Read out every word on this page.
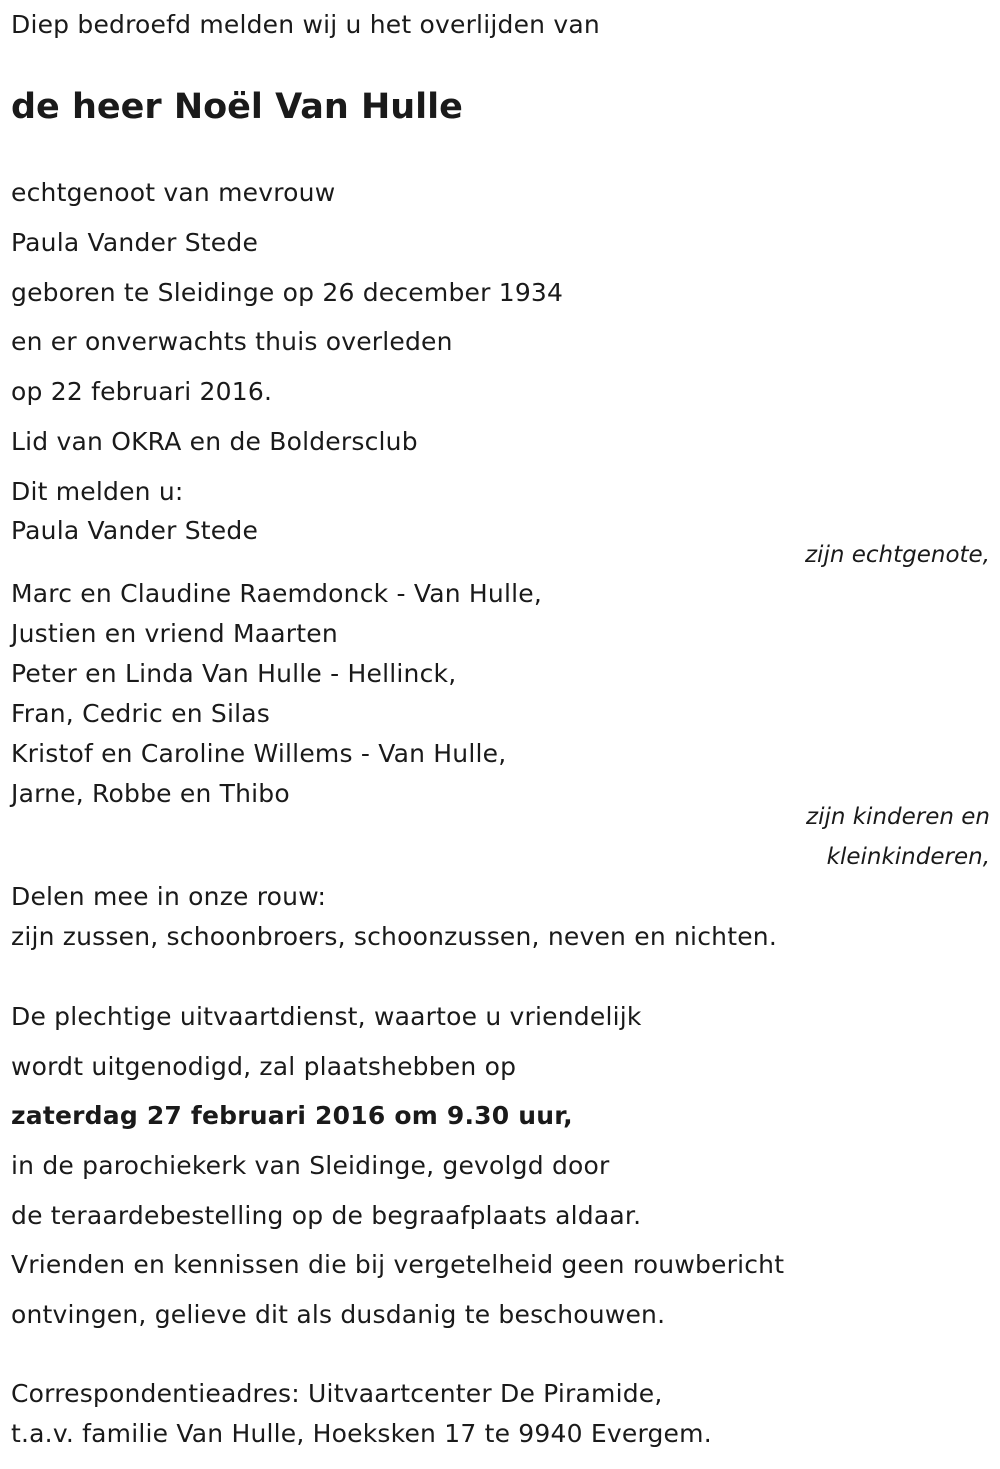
Diep bedroefd melden wij u het overlijden van
de heer Noël Van Hulle
echtgenoot van mevrouw
Paula Vander Stede
geboren te Sleidinge op 26 december 1934
en er onverwachts thuis overleden
op 22 februari 2016.
Lid van OKRA en de Boldersclub
Dit melden u:
Paula Vander Stede
zijn echtgenote,
Marc en Claudine Raemdonck - Van Hulle,
Justien en vriend Maarten
Peter en Linda Van Hulle - Hellinck,
Fran, Cedric en Silas
Kristof en Caroline Willems - Van Hulle,
Jarne, Robbe en Thibo
zijn kinderen en
kleinkinderen,
Delen mee in onze rouw:
zijn zussen, schoonbroers, schoonzussen, neven en nichten.
De plechtige uitvaartdienst, waartoe u vriendelijk
wordt uitgenodigd, zal plaatshebben op
zaterdag 27 februari 2016 om 9.30 uur,
in de parochiekerk van Sleidinge, gevolgd door
de teraardebestelling op de begraafplaats aldaar.
Vrienden en kennissen die bij vergetelheid geen rouwbericht
ontvingen, gelieve dit als dusdanig te beschouwen.
Correspondentieadres: Uitvaartcenter De Piramide,
t.a.v. familie Van Hulle, Hoeksken 17 te 9940 Evergem.
